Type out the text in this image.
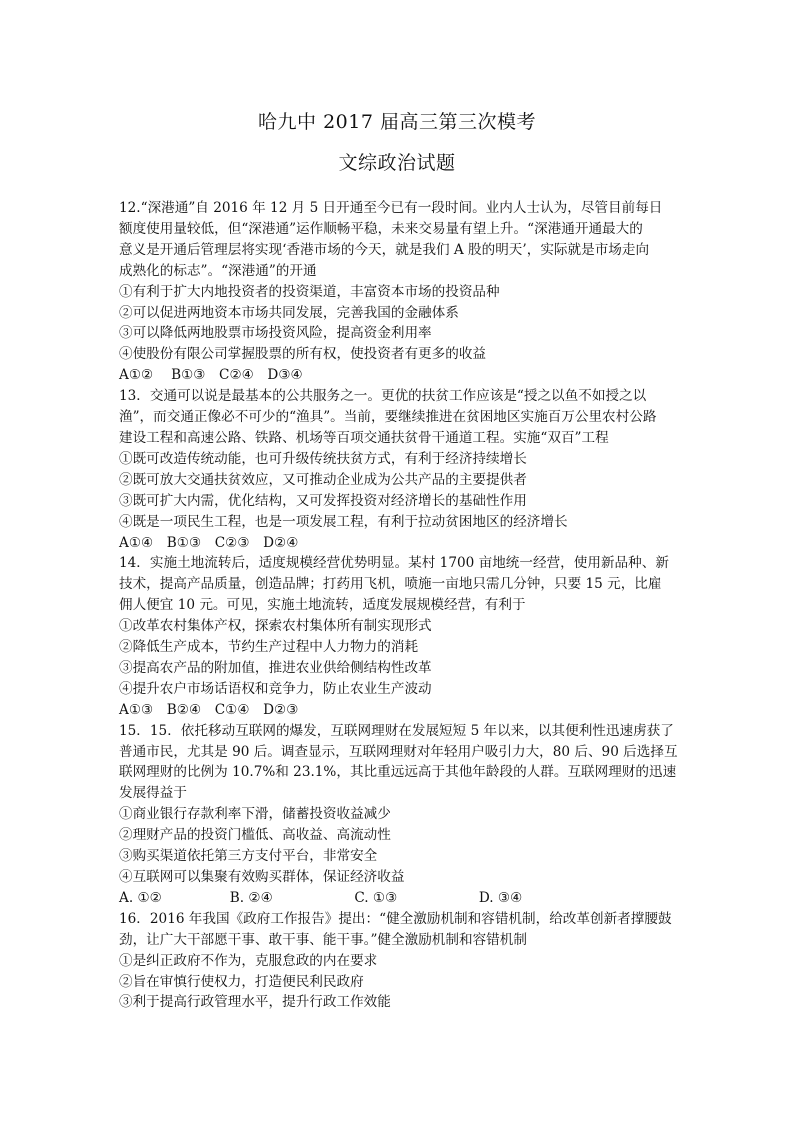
哈九中 2017 届高三第三次模考
文综政治试题
12.“深港通”自 2016 年 12 月 5 日开通至今已有一段时间。业内人士认为，尽管目前每日
额度使用量较低，但“深港通”运作顺畅平稳，未来交易量有望上升。“深港通开通最大的
意义是开通后管理层将实现‘香港市场的今天，就是我们 A 股的明天’，实际就是市场走向
成熟化的标志”。“深港通”的开通
①有利于扩大内地投资者的投资渠道，丰富资本市场的投资品种
②可以促进两地资本市场共同发展，完善我国的金融体系
③可以降低两地股票市场投资风险，提高资金利用率
④使股份有限公司掌握股票的所有权，使投资者有更多的收益
A①②　 B①③　C②④　D③④
13．交通可以说是最基本的公共服务之一。更优的扶贫工作应该是“授之以鱼不如授之以
渔”，而交通正像必不可少的“渔具”。当前，要继续推进在贫困地区实施百万公里农村公路
建设工程和高速公路、铁路、机场等百项交通扶贫骨干通道工程。实施“双百”工程
①既可改造传统动能，也可升级传统扶贫方式，有利于经济持续增长
②既可放大交通扶贫效应，又可推动企业成为公共产品的主要提供者
③既可扩大内需，优化结构，又可发挥投资对经济增长的基础性作用
④既是一项民生工程，也是一项发展工程，有利于拉动贫困地区的经济增长
A①④　B①③　C②③　D②④
14．实施土地流转后，适度规模经营优势明显。某村 1700 亩地统一经营，使用新品种、新
技术，提高产品质量，创造品牌；打药用飞机，喷施一亩地只需几分钟，只要 15 元，比雇
佣人便宜 10 元。可见，实施土地流转，适度发展规模经营，有利于
①改革农村集体产权，探索农村集体所有制实现形式
②降低生产成本，节约生产过程中人力物力的消耗
③提高农产品的附加值，推进农业供给侧结构性改革
④提升农户市场话语权和竞争力，防止农业生产波动
A①③　B②④　C①④　D②③
15．15．依托移动互联网的爆发，互联网理财在发展短短 5 年以来，以其便利性迅速虏获了
普通市民，尤其是 90 后。调查显示，互联网理财对年轻用户吸引力大，80 后、90 后选择互
联网理财的比例为 10.7%和 23.1%，其比重远远高于其他年龄段的人群。互联网理财的迅速
发展得益于
①商业银行存款利率下滑，储蓄投资收益减少
②理财产品的投资门槛低、高收益、高流动性
③购买渠道依托第三方支付平台，非常安全
④互联网可以集聚有效购买群体，保证经济收益
A. ①②　　　　　B. ②④　　　　　　C. ①③　　　　　　D. ③④
16．2016 年我国《政府工作报告》提出：“健全激励机制和容错机制，给改革创新者撑腰鼓
劲，让广大干部愿干事、敢干事、能干事。”健全激励机制和容错机制
①是纠正政府不作为，克服怠政的内在要求
②旨在审慎行使权力，打造便民利民政府
③利于提高行政管理水平，提升行政工作效能
